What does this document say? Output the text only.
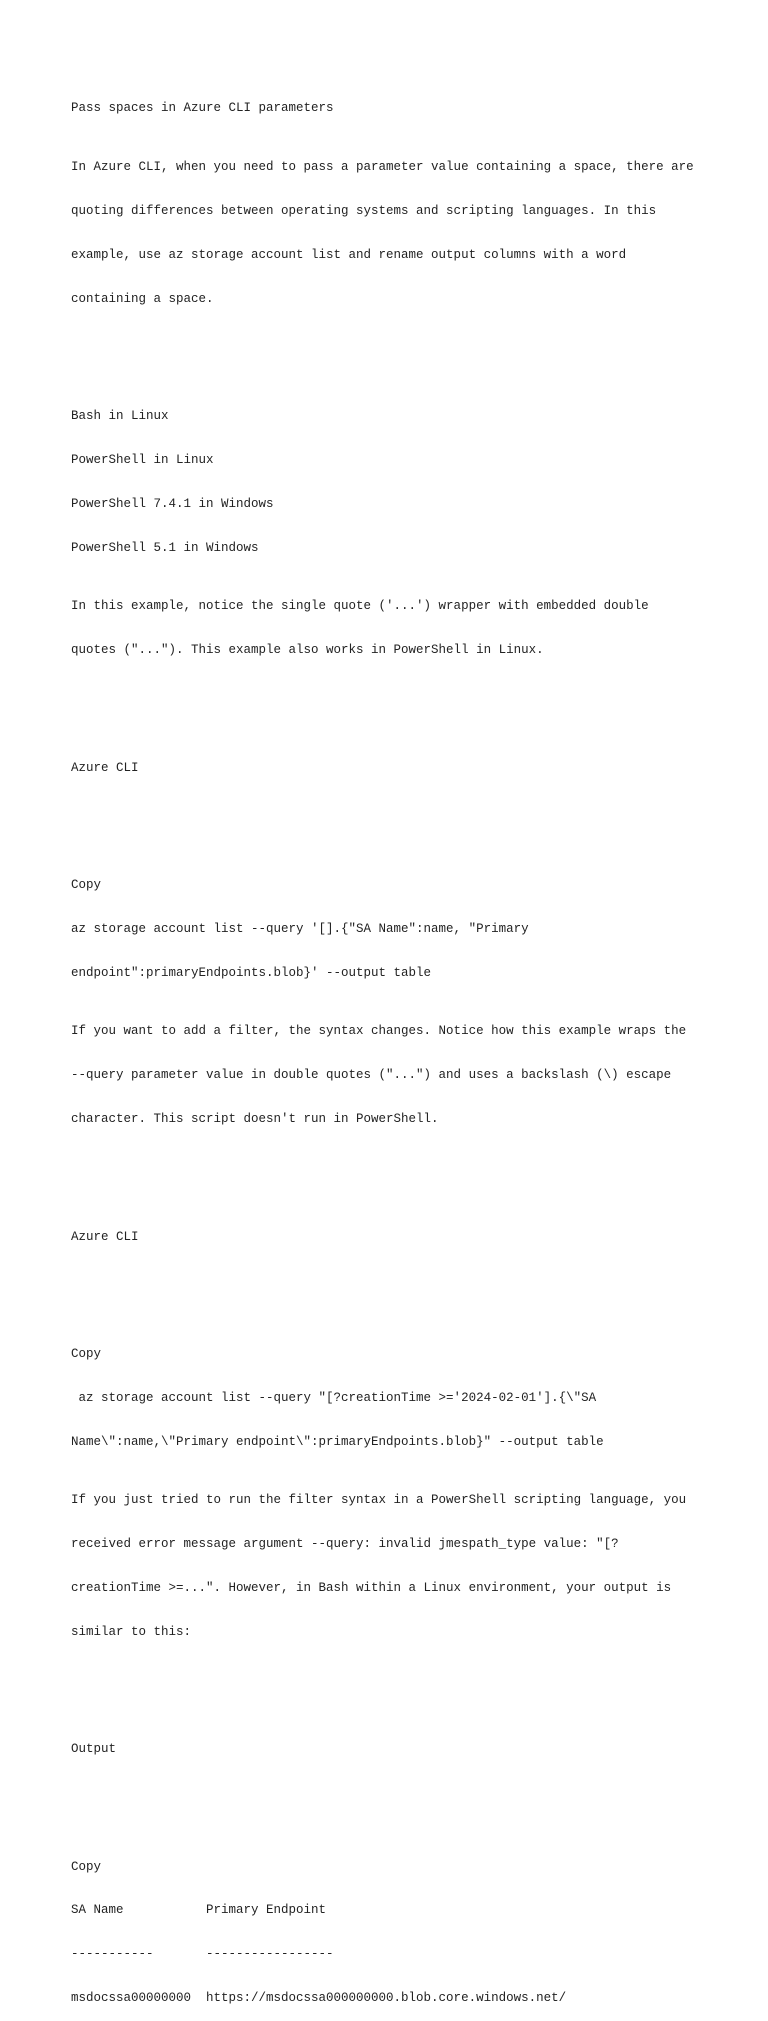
Pass spaces in Azure CLI parameters

In Azure CLI, when you need to pass a parameter value containing a space, there are

quoting differences between operating systems and scripting languages. In this

example, use az storage account list and rename output columns with a word

containing a space.

Bash in Linux

PowerShell in Linux

PowerShell 7.4.1 in Windows

PowerShell 5.1 in Windows

In this example, notice the single quote ('...') wrapper with embedded double

quotes ("..."). This example also works in PowerShell in Linux.

Azure CLI

Copy

az storage account list --query '[].{"SA Name":name, "Primary

endpoint":primaryEndpoints.blob}' --output table

If you want to add a filter, the syntax changes. Notice how this example wraps the

--query parameter value in double quotes ("...") and uses a backslash (\) escape

character. This script doesn't run in PowerShell.

Azure CLI

Copy

az storage account list --query "[?creationTime >='2024-02-01'].{\"SA

Name\":name,\"Primary endpoint\":primaryEndpoints.blob}" --output table

If you just tried to run the filter syntax in a PowerShell scripting language, you

received error message argument --query: invalid jmespath_type value: "[?

creationTime >=...". However, in Bash within a Linux environment, your output is

similar to this:

Output

Copy

SA Name           Primary Endpoint

-----------       -----------------

msdocssa00000000  https://msdocssa000000000.blob.core.windows.net/
